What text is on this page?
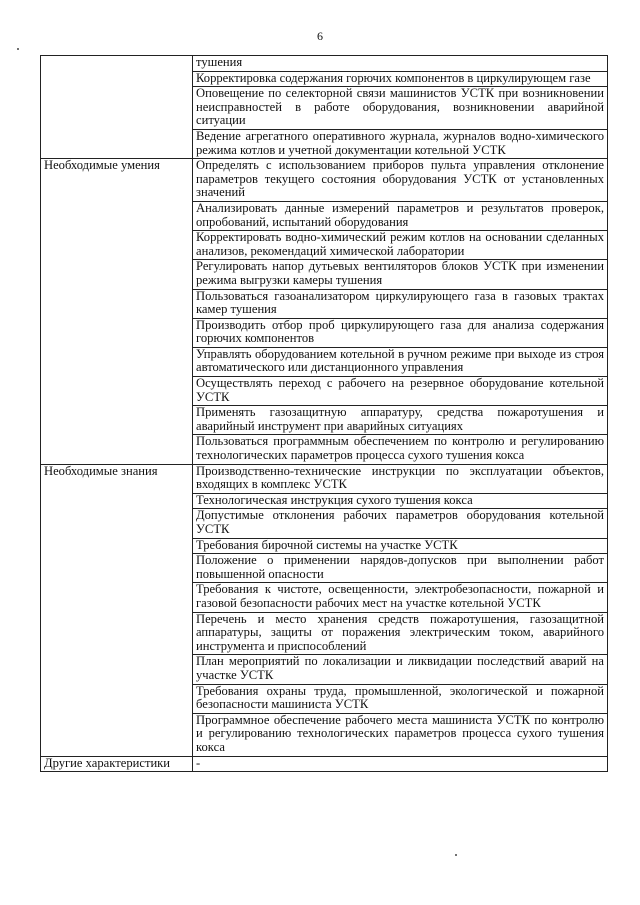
6
	тушения
	Корректировка содержания горючих компонентов в циркулирующем газе
	Оповещение по селекторной связи машинистов УСТК при возникновении неисправностей в работе оборудования, возникновении аварийной ситуации
	Ведение агрегатного оперативного журнала, журналов водно-химического режима котлов и учетной документации котельной УСТК
Необходимые умения	Определять с использованием приборов пульта управления отклонение параметров текущего состояния оборудования УСТК от установленных значений
	Анализировать данные измерений параметров и результатов проверок, опробований, испытаний оборудования
	Корректировать водно-химический режим котлов на основании сделанных анализов, рекомендаций химической лаборатории
	Регулировать напор дутьевых вентиляторов блоков УСТК при изменении режима выгрузки камеры тушения
	Пользоваться газоанализатором циркулирующего газа в газовых трактах камер тушения
	Производить отбор проб циркулирующего газа для анализа содержания горючих компонентов
	Управлять оборудованием котельной в ручном режиме при выходе из строя автоматического или дистанционного управления
	Осуществлять переход с рабочего на резервное оборудование котельной УСТК
	Применять газозащитную аппаратуру, средства пожаротушения и аварийный инструмент при аварийных ситуациях
	Пользоваться программным обеспечением по контролю и регулированию технологических параметров процесса сухого тушения кокса
Необходимые знания	Производственно-технические инструкции по эксплуатации объектов, входящих в комплекс УСТК
	Технологическая инструкция сухого тушения кокса
	Допустимые отклонения рабочих параметров оборудования котельной УСТК
	Требования бирочной системы на участке УСТК
	Положение о применении нарядов-допусков при выполнении работ повышенной опасности
	Требования к чистоте, освещенности, электробезопасности, пожарной и газовой безопасности рабочих мест на участке котельной УСТК
	Перечень и место хранения средств пожаротушения, газозащитной аппаратуры, защиты от поражения электрическим током, аварийного инструмента и приспособлений
	План мероприятий по локализации и ликвидации последствий аварий на участке УСТК
	Требования охраны труда, промышленной, экологической и пожарной безопасности машиниста УСТК
	Программное обеспечение рабочего места машиниста УСТК по контролю и регулированию технологических параметров процесса сухого тушения кокса
Другие характеристики	-
